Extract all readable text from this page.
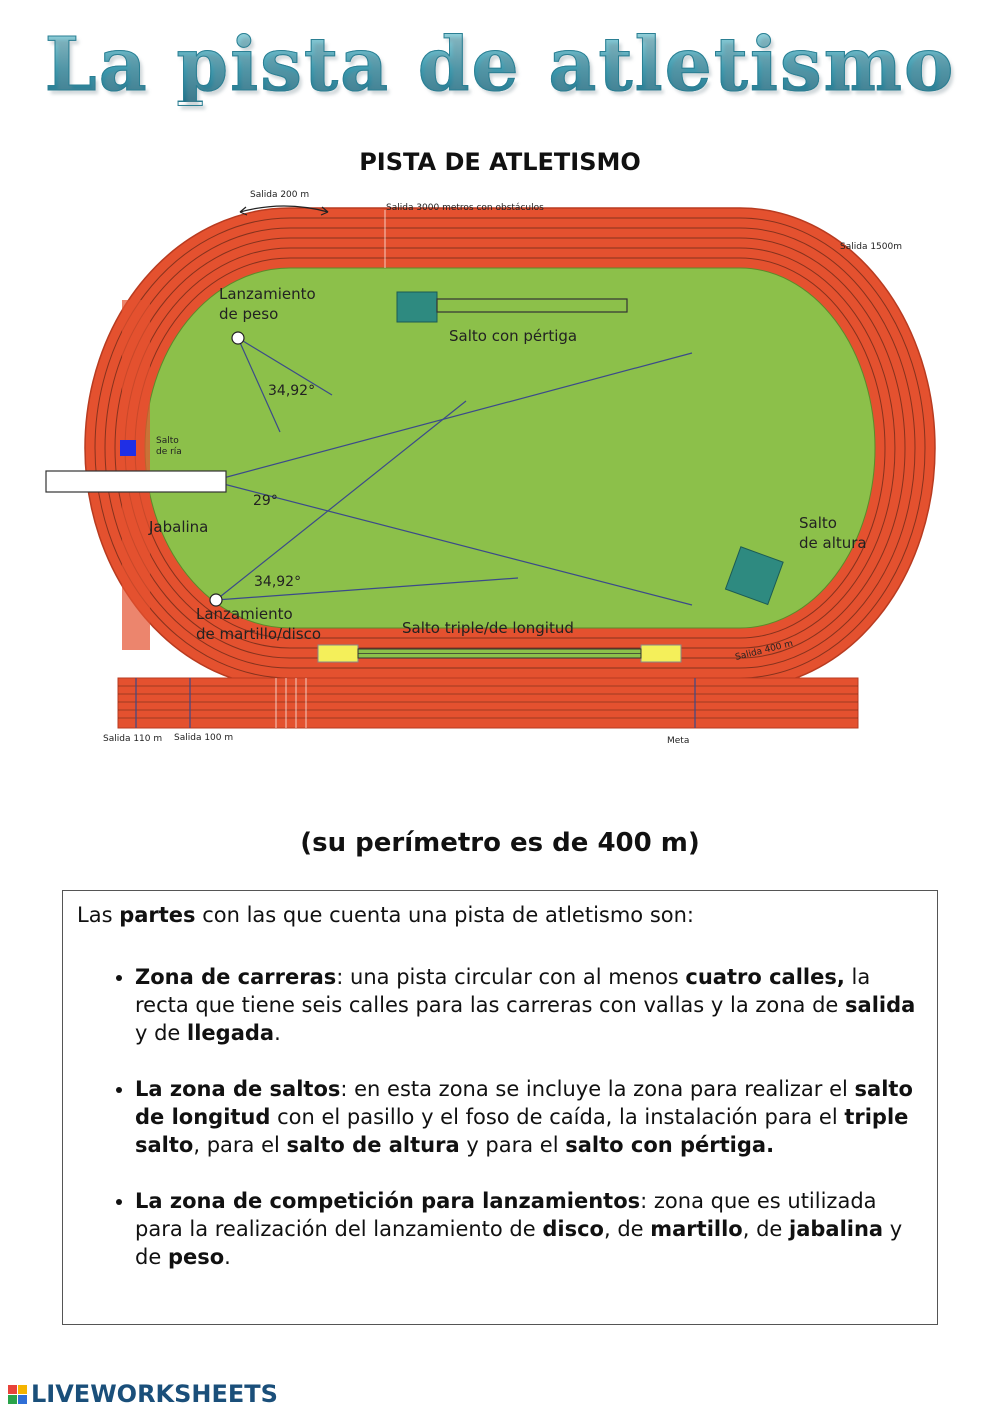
La pista de atletismo
PISTA DE ATLETISMO
Salida 200 m
Salida 3000 metros con obstáculos
Salida 1500m
Lanzamiento
de peso
Salto con pértiga
34,92°
Salto
de ría
29°
Jabalina
34,92°
Lanzamiento
de martillo/disco	Salto triple/de longitud
Salto
de altura
Salida 400 m
Salida 110 m Salida 100 m	Meta
(su perímetro es de 400 m)

Las partes con las que cuenta una pista de atletismo son:

• Zona de carreras: una pista circular con al menos cuatro calles, la recta que tiene seis calles para las carreras con vallas y la zona de salida y de llegada.
• La zona de saltos: en esta zona se incluye la zona para realizar el salto de longitud con el pasillo y el foso de caída, la instalación para el triple salto, para el salto de altura y para el salto con pértiga.
• La zona de competición para lanzamientos: zona que es utilizada para la realización del lanzamiento de disco, de martillo, de jabalina y de peso.
LIVEWORKSHEETS
